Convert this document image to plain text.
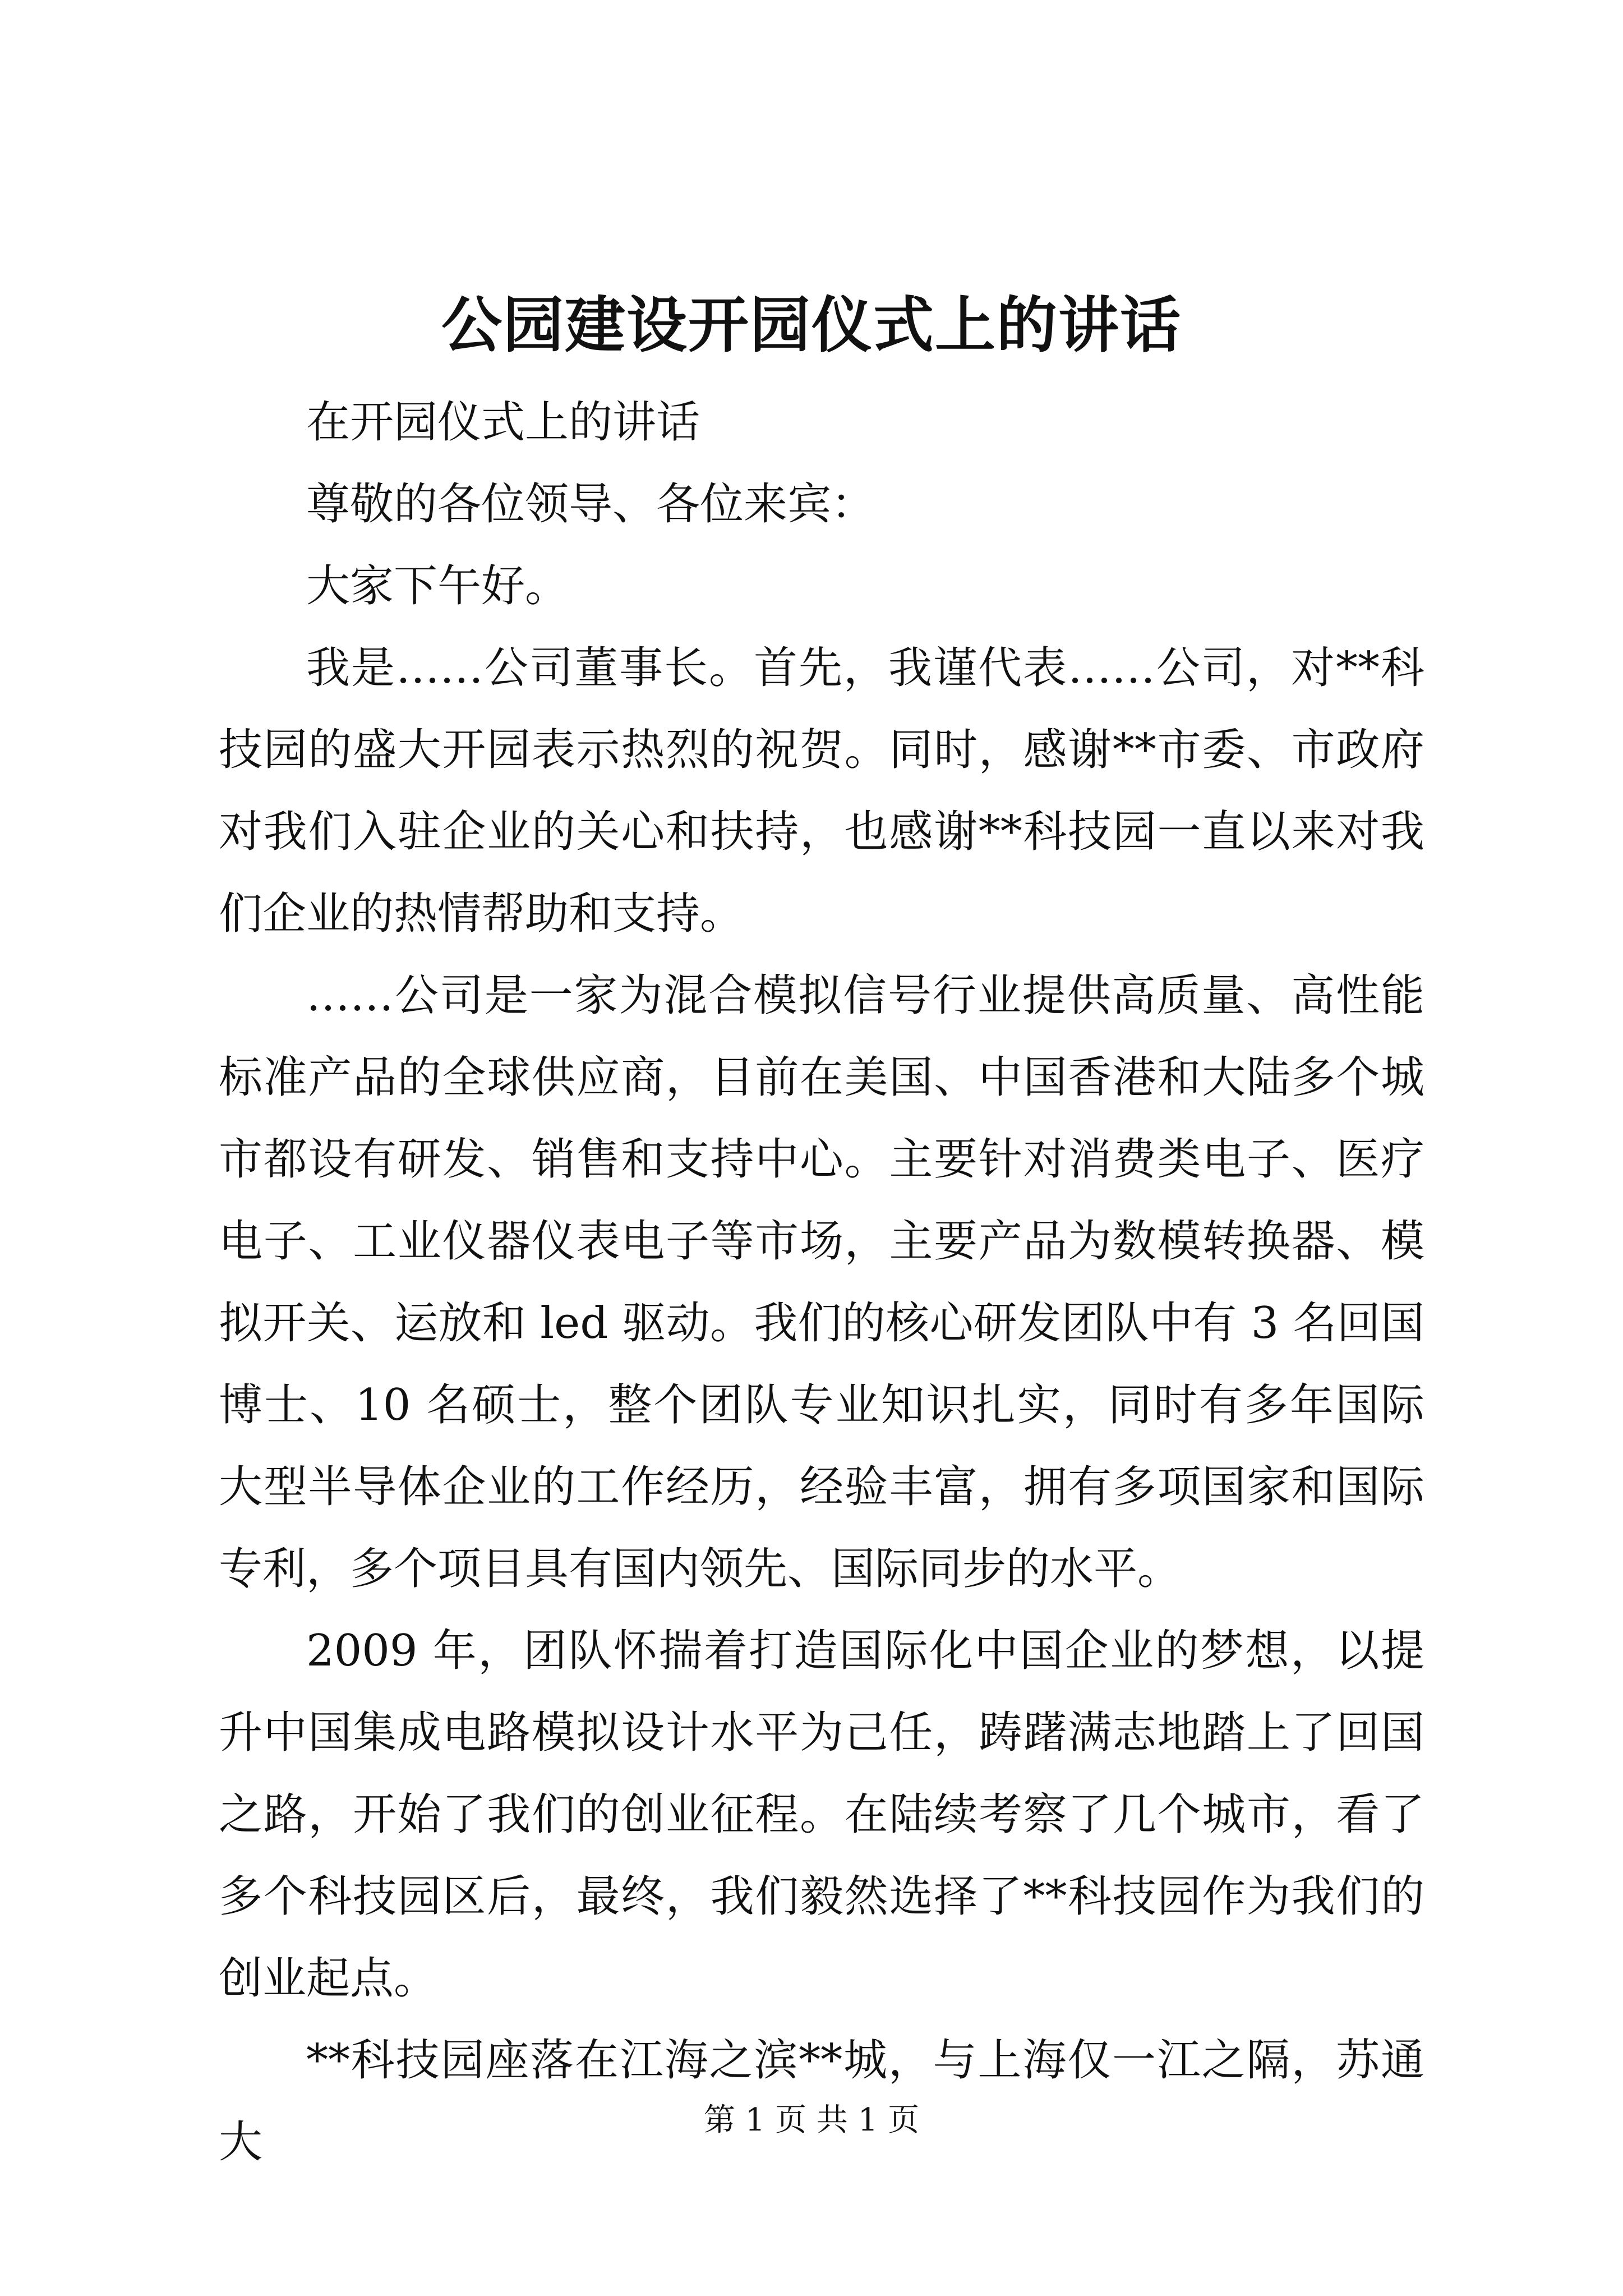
公园建设开园仪式上的讲话

在开园仪式上的讲话

尊敬的各位领导、各位来宾：

大家下午好。

我是……公司董事长。首先，我谨代表……公司，对**科技园的盛大开园表示热烈的祝贺。同时，感谢**市委、市政府对我们入驻企业的关心和扶持，也感谢**科技园一直以来对我们企业的热情帮助和支持。

……公司是一家为混合模拟信号行业提供高质量、高性能标准产品的全球供应商，目前在美国、中国香港和大陆多个城市都设有研发、销售和支持中心。主要针对消费类电子、医疗电子、工业仪器仪表电子等市场，主要产品为数模转换器、模拟开关、运放和 led 驱动。我们的核心研发团队中有 3 名回国博士、10 名硕士，整个团队专业知识扎实，同时有多年国际大型半导体企业的工作经历，经验丰富，拥有多项国家和国际专利，多个项目具有国内领先、国际同步的水平。

2009 年，团队怀揣着打造国际化中国企业的梦想，以提升中国集成电路模拟设计水平为己任，踌躇满志地踏上了回国之路，开始了我们的创业征程。在陆续考察了几个城市，看了多个科技园区后，最终，我们毅然选择了**科技园作为我们的创业起点。

**科技园座落在江海之滨**城，与上海仅一江之隔，苏通大	第 1 页 共 1 页
